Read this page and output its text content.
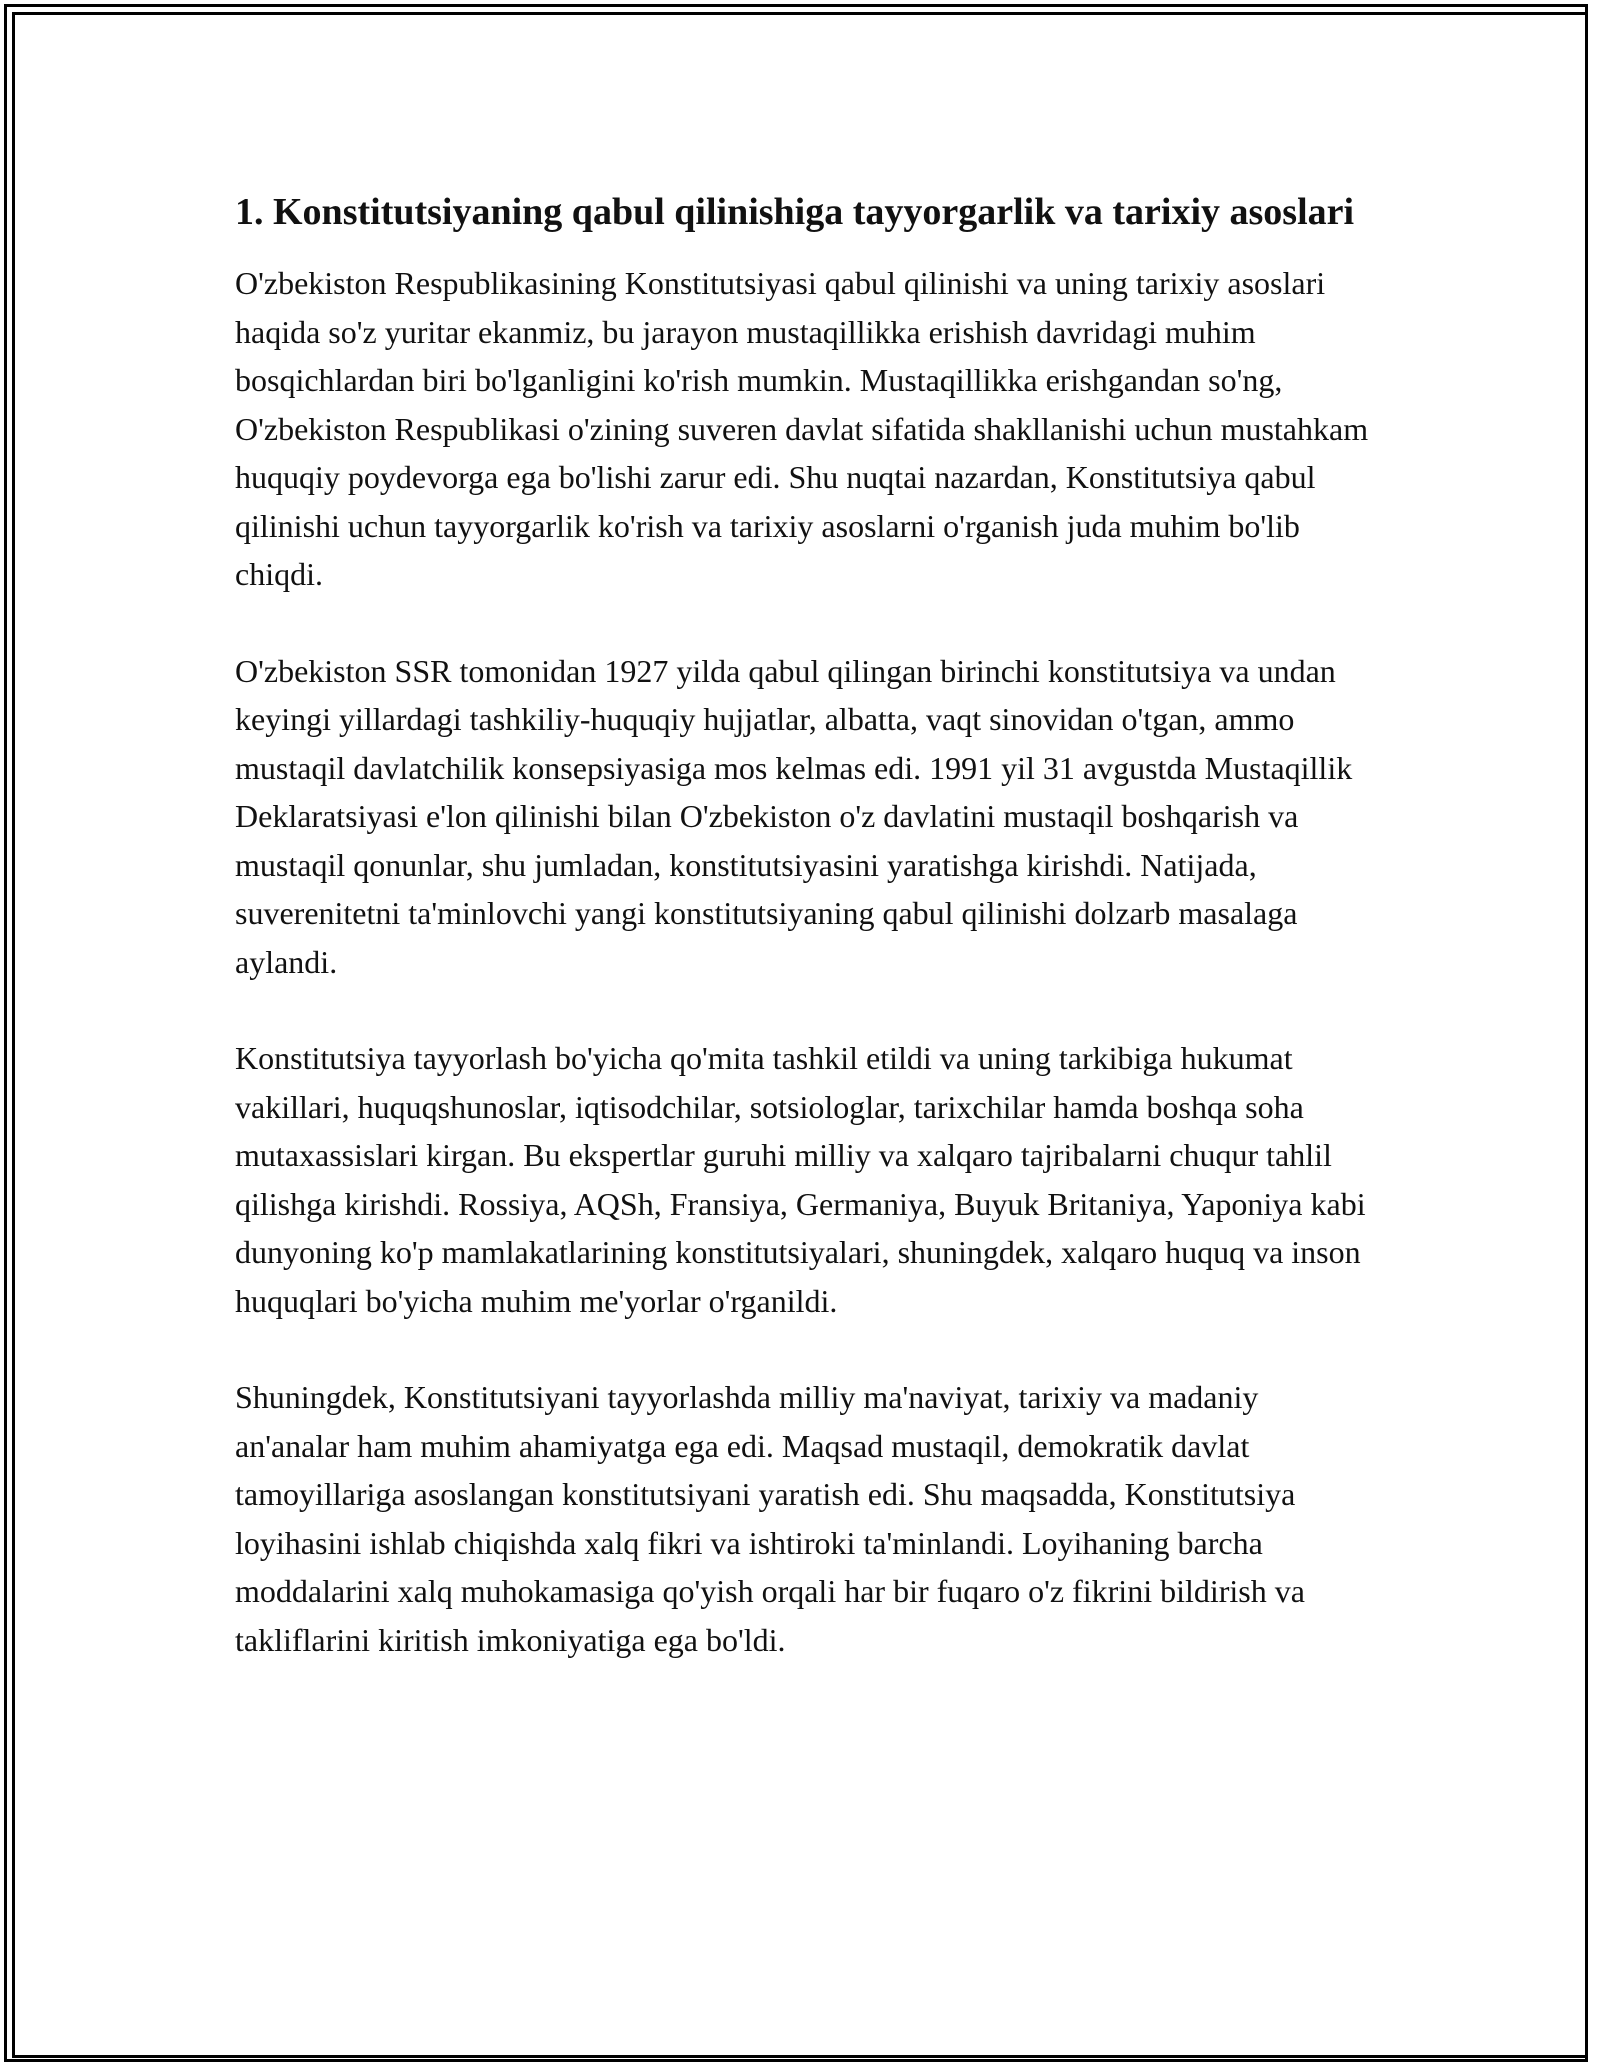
1. Konstitutsiyaning qabul qilinishiga tayyorgarlik va tarixiy asoslari

O'zbekiston Respublikasining Konstitutsiyasi qabul qilinishi va uning tarixiy asoslari haqida so'z yuritar ekanmiz, bu jarayon mustaqillikka erishish davridagi muhim bosqichlardan biri bo'lganligini ko'rish mumkin. Mustaqillikka erishgandan so'ng, O'zbekiston Respublikasi o'zining suveren davlat sifatida shakllanishi uchun mustahkam huquqiy poydevorga ega bo'lishi zarur edi. Shu nuqtai nazardan, Konstitutsiya qabul qilinishi uchun tayyorgarlik ko'rish va tarixiy asoslarni o'rganish juda muhim bo'lib chiqdi.

O'zbekiston SSR tomonidan 1927 yilda qabul qilingan birinchi konstitutsiya va undan keyingi yillardagi tashkiliy-huquqiy hujjatlar, albatta, vaqt sinovidan o'tgan, ammo mustaqil davlatchilik konsepsiyasiga mos kelmas edi. 1991 yil 31 avgustda Mustaqillik Deklaratsiyasi e'lon qilinishi bilan O'zbekiston o'z davlatini mustaqil boshqarish va mustaqil qonunlar, shu jumladan, konstitutsiyasini yaratishga kirishdi. Natijada, suverenitetni ta'minlovchi yangi konstitutsiyaning qabul qilinishi dolzarb masalaga aylandi.

Konstitutsiya tayyorlash bo'yicha qo'mita tashkil etildi va uning tarkibiga hukumat vakillari, huquqshunoslar, iqtisodchilar, sotsiologlar, tarixchilar hamda boshqa soha mutaxassislari kirgan. Bu ekspertlar guruhi milliy va xalqaro tajribalarni chuqur tahlil qilishga kirishdi. Rossiya, AQSh, Fransiya, Germaniya, Buyuk Britaniya, Yaponiya kabi dunyoning ko'p mamlakatlarining konstitutsiyalari, shuningdek, xalqaro huquq va inson huquqlari bo'yicha muhim me'yorlar o'rganildi.

Shuningdek, Konstitutsiyani tayyorlashda milliy ma'naviyat, tarixiy va madaniy an'analar ham muhim ahamiyatga ega edi. Maqsad mustaqil, demokratik davlat tamoyillariga asoslangan konstitutsiyani yaratish edi. Shu maqsadda, Konstitutsiya loyihasini ishlab chiqishda xalq fikri va ishtiroki ta'minlandi. Loyihaning barcha moddalarini xalq muhokamasiga qo'yish orqali har bir fuqaro o'z fikrini bildirish va takliflarini kiritish imkoniyatiga ega bo'ldi.
